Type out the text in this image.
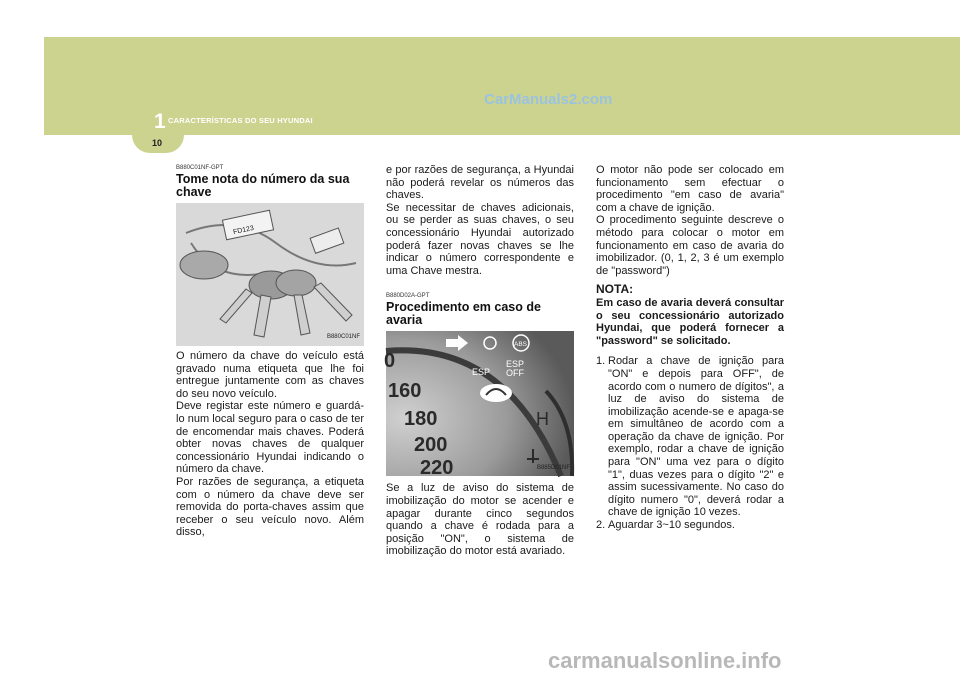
1 CARACTERÍSTICAS DO SEU HYUNDAI
CarManuals2.com
10
B880C01NF-GPT
Tome nota do número da sua chave
FD123
B880C01NF

O número da chave do veículo está gravado numa etiqueta que lhe foi entregue juntamente com as chaves do seu novo veículo.

Deve registar este número e guardá-lo num local seguro para o caso de ter de encomendar mais chaves. Poderá obter novas chaves de qualquer concessionário Hyundai indicando o número da chave.

Por razões de segurança, a etiqueta com o número da chave deve ser removida do porta-chaves assim que receber o seu veículo novo. Além disso,

e por razões de segurança, a Hyundai não poderá revelar os números das chaves.

Se necessitar de chaves adicionais, ou se perder as suas chaves, o seu concessionário Hyundai autorizado poderá fazer novas chaves se lhe indicar o número correspondente e uma Chave mestra.

B880D02A-GPT
Procedimento em caso de avaria
0
160
180
200
220
ABS
ESP
ESP
OFF
H
B885D01NF

Se a luz de aviso do sistema de imobilização do motor se acender e apagar durante cinco segundos quando a chave é rodada para a posição "ON", o sistema de imobilização do motor está avariado.

O motor não pode ser colocado em funcionamento sem efectuar o procedimento "em caso de avaria" com a chave de ignição.

O procedimento seguinte descreve o método para colocar o motor em funcionamento em caso de avaria do imobilizador. (0, 1, 2, 3 é um exemplo de "password")

NOTA:

Em caso de avaria deverá consultar o seu concessionário autorizado Hyundai, que poderá fornecer a "password" se solicitado.

1. Rodar a chave de ignição para "ON" e depois para OFF", de acordo com o numero de dígitos", a luz de aviso do sistema de imobilização acende-se e apaga-se em simultâneo de acordo com a operação da chave de ignição. Por exemplo, rodar a chave de ignição para "ON" uma vez para o dígito "1", duas vezes para o dígito "2" e assim sucessivamente. No caso do dígito numero "0", deverá rodar a chave de ignição 10 vezes.
2. Aguardar 3~10 segundos.
carmanualsonline.info
